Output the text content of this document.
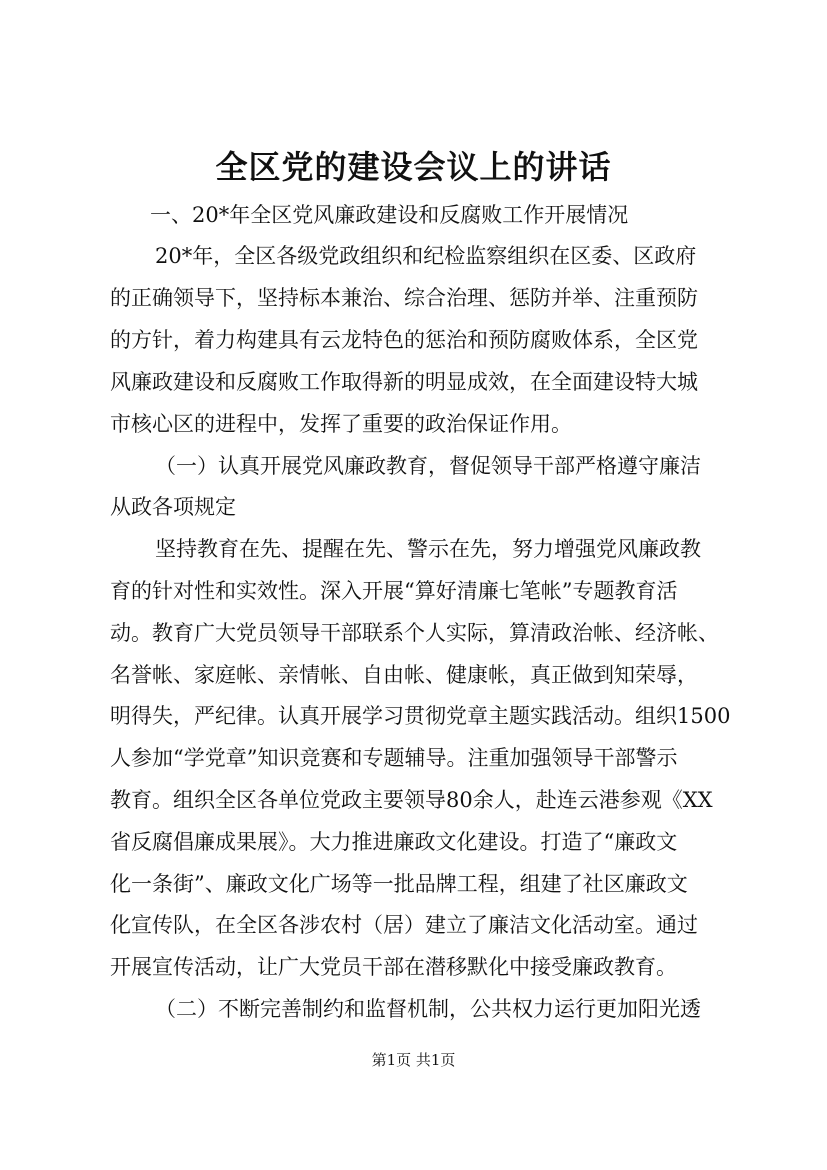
全区党的建设会议上的讲话
一、20*年全区党风廉政建设和反腐败工作开展情况
20*年，全区各级党政组织和纪检监察组织在区委、区政府
的正确领导下，坚持标本兼治、综合治理、惩防并举、注重预防
的方针，着力构建具有云龙特色的惩治和预防腐败体系，全区党
风廉政建设和反腐败工作取得新的明显成效，在全面建设特大城
市核心区的进程中，发挥了重要的政治保证作用。
（一）认真开展党风廉政教育，督促领导干部严格遵守廉洁
从政各项规定
坚持教育在先、提醒在先、警示在先，努力增强党风廉政教
育的针对性和实效性。深入开展“算好清廉七笔帐”专题教育活
动。教育广大党员领导干部联系个人实际，算清政治帐、经济帐、
名誉帐、家庭帐、亲情帐、自由帐、健康帐，真正做到知荣辱，
明得失，严纪律。认真开展学习贯彻党章主题实践活动。组织1500
人参加“学党章”知识竞赛和专题辅导。注重加强领导干部警示
教育。组织全区各单位党政主要领导80余人，赴连云港参观《XX
省反腐倡廉成果展》。大力推进廉政文化建设。打造了“廉政文
化一条街”、廉政文化广场等一批品牌工程，组建了社区廉政文
化宣传队，在全区各涉农村（居）建立了廉洁文化活动室。通过
开展宣传活动，让广大党员干部在潜移默化中接受廉政教育。
（二）不断完善制约和监督机制，公共权力运行更加阳光透
第1页 共1页
